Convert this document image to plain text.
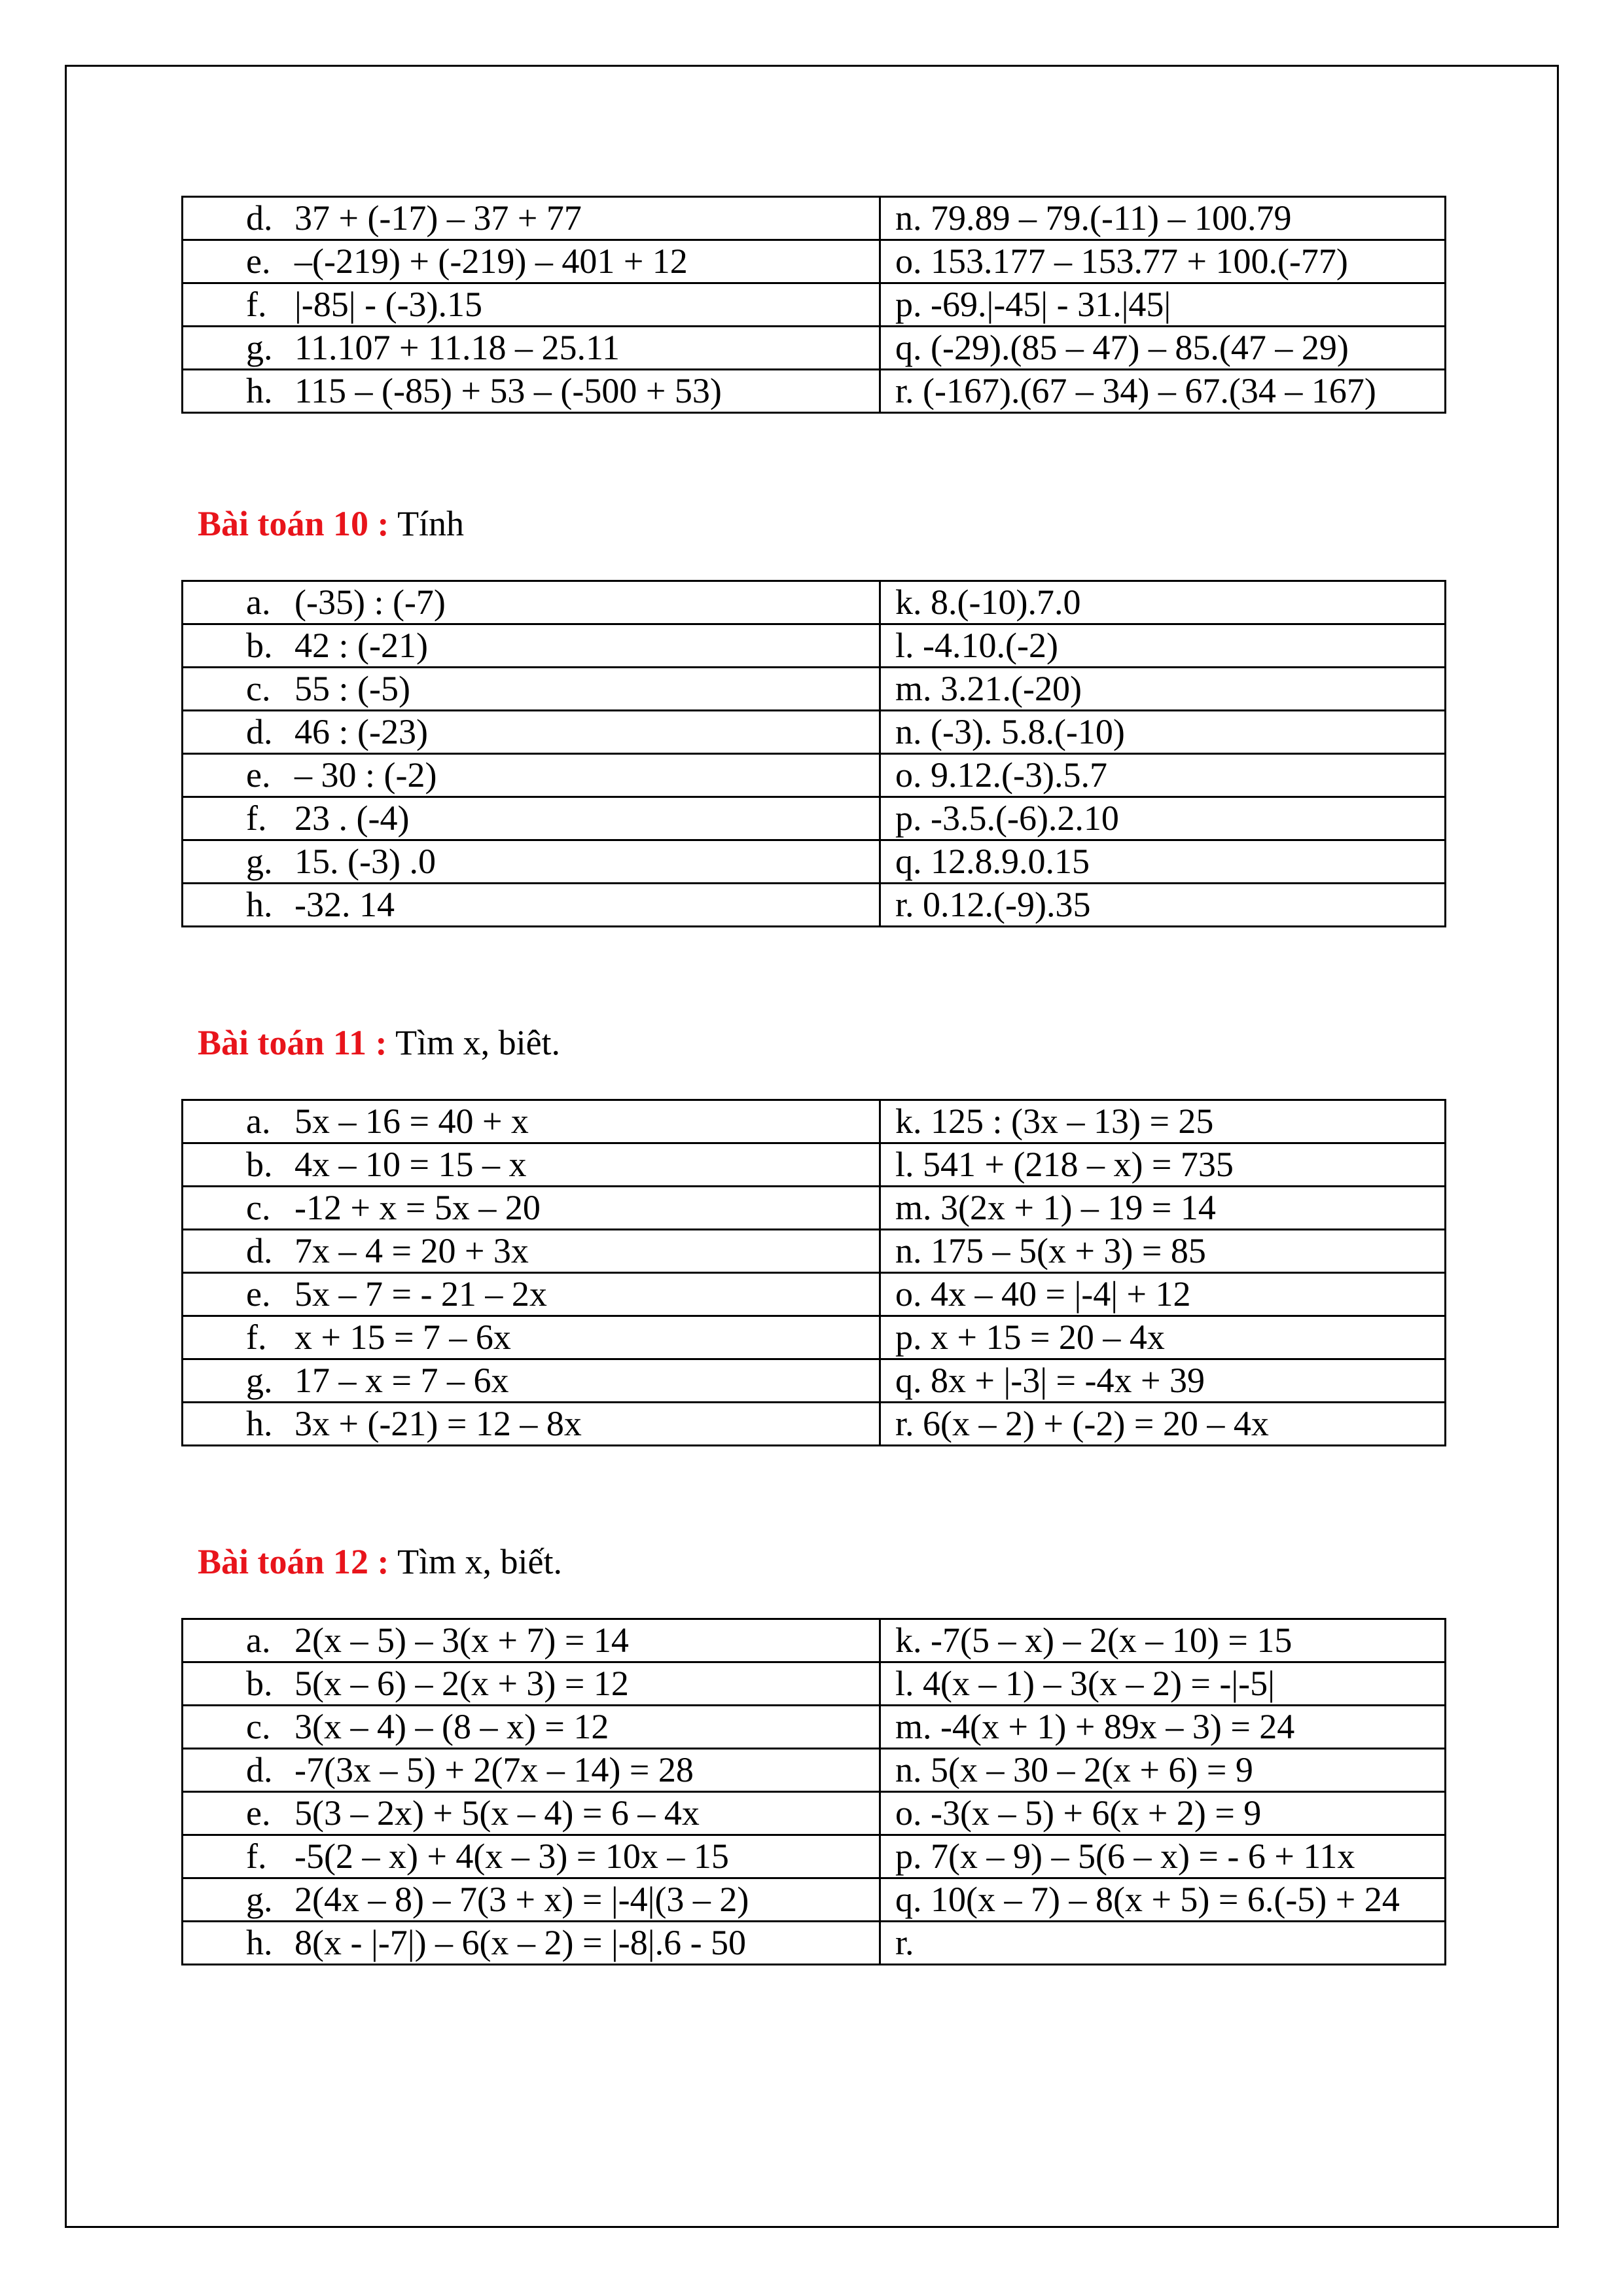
d. 37 + (-17) – 37 + 77	n. 79.89 – 79.(-11) – 100.79
e. –(-219) + (-219) – 401 + 12	o. 153.177 – 153.77 + 100.(-77)
f. |-85| - (-3).15	p. -69.|-45| - 31.|45|
g. 11.107 + 11.18 – 25.11	q. (-29).(85 – 47) – 85.(47 – 29)
h. 115 – (-85) + 53 – (-500 + 53)	r. (-167).(67 – 34) – 67.(34 – 167)
Bài toán 10 : Tính
a. (-35) : (-7)	k. 8.(-10).7.0
b. 42 : (-21)	l. -4.10.(-2)
c. 55 : (-5)	m. 3.21.(-20)
d. 46 : (-23)	n. (-3). 5.8.(-10)
e. – 30 : (-2)	o. 9.12.(-3).5.7
f. 23 . (-4)	p. -3.5.(-6).2.10
g. 15. (-3) .0	q. 12.8.9.0.15
h. -32. 14	r. 0.12.(-9).35
Bài toán 11 : Tìm x, biêt.
a. 5x – 16 = 40 + x	k. 125 : (3x – 13) = 25
b. 4x – 10 = 15 – x	l. 541 + (218 – x) = 735
c. -12 + x = 5x – 20	m. 3(2x + 1) – 19 = 14
d. 7x – 4 = 20 + 3x	n. 175 – 5(x + 3) = 85
e. 5x – 7 = - 21 – 2x	o. 4x – 40 = |-4| + 12
f. x + 15 = 7 – 6x	p. x + 15 = 20 – 4x
g. 17 – x = 7 – 6x	q. 8x + |-3| = -4x + 39
h. 3x + (-21) = 12 – 8x	r. 6(x – 2) + (-2) = 20 – 4x
Bài toán 12 : Tìm x, biết.
a. 2(x – 5) – 3(x + 7) = 14	k. -7(5 – x) – 2(x – 10) = 15
b. 5(x – 6) – 2(x + 3) = 12	l. 4(x – 1) – 3(x – 2) = -|-5|
c. 3(x – 4) – (8 – x) = 12	m. -4(x + 1) + 89x – 3) = 24
d. -7(3x – 5) + 2(7x – 14) = 28	n. 5(x – 30 – 2(x + 6) = 9
e. 5(3 – 2x) + 5(x – 4) = 6 – 4x	o. -3(x – 5) + 6(x + 2) = 9
f. -5(2 – x) + 4(x – 3) = 10x – 15	p. 7(x – 9) – 5(6 – x) = - 6 + 11x
g. 2(4x – 8) – 7(3 + x) = |-4|(3 – 2)	q. 10(x – 7) – 8(x + 5) = 6.(-5) + 24
h. 8(x - |-7|) – 6(x – 2) = |-8|.6 - 50	r.
